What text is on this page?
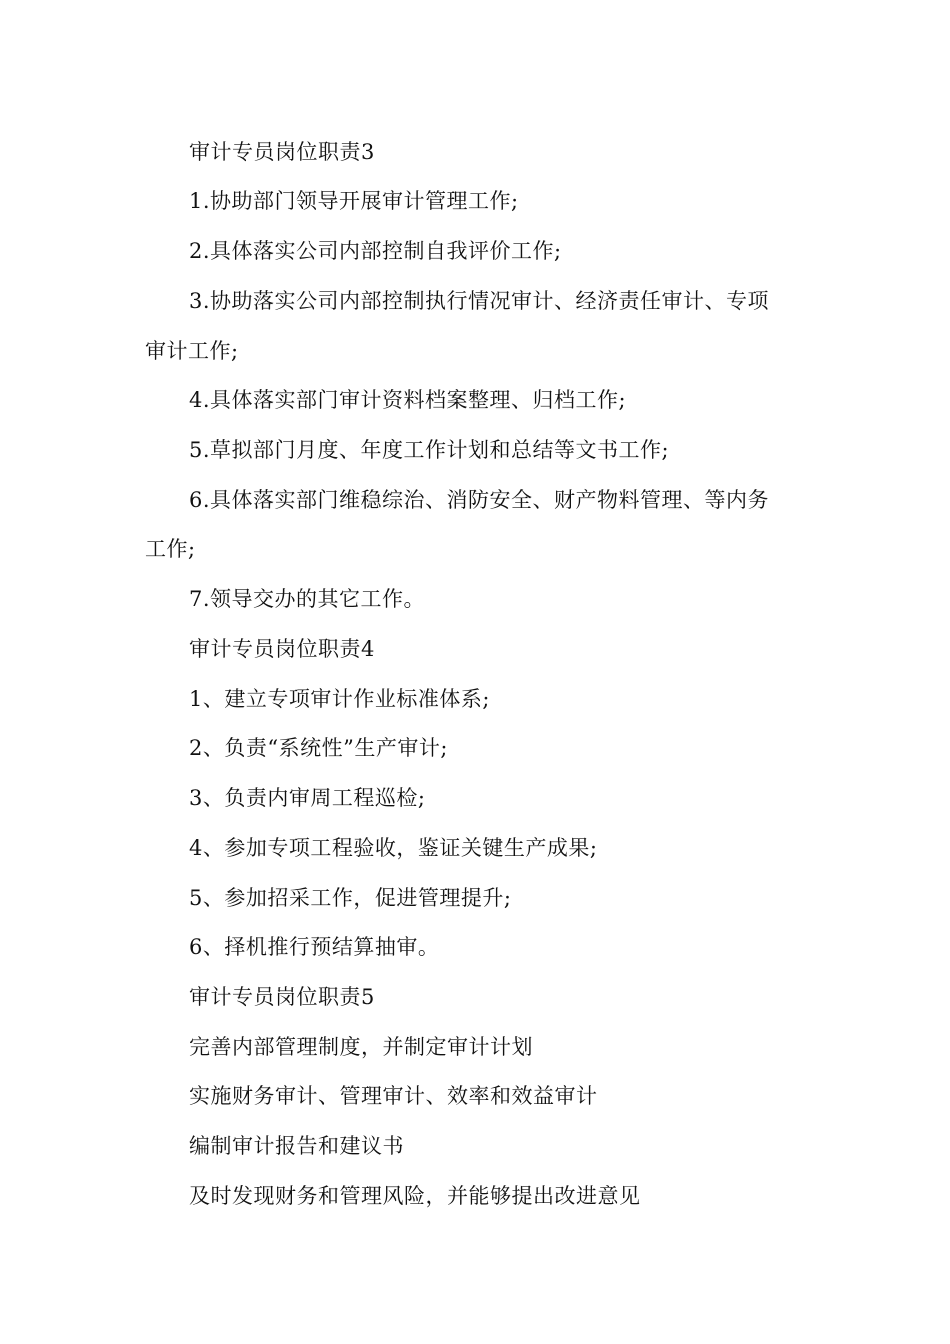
审计专员岗位职责3
1.协助部门领导开展审计管理工作;
2.具体落实公司内部控制自我评价工作;
3.协助落实公司内部控制执行情况审计、经济责任审计、专项
审计工作;
4.具体落实部门审计资料档案整理、归档工作;
5.草拟部门月度、年度工作计划和总结等文书工作;
6.具体落实部门维稳综治、消防安全、财产物料管理、等内务
工作;
7.领导交办的其它工作。
审计专员岗位职责4
1、建立专项审计作业标准体系;
2、负责“系统性”生产审计;
3、负责内审周工程巡检;
4、参加专项工程验收，鉴证关键生产成果;
5、参加招采工作，促进管理提升;
6、择机推行预结算抽审。
审计专员岗位职责5
完善内部管理制度，并制定审计计划
实施财务审计、管理审计、效率和效益审计
编制审计报告和建议书
及时发现财务和管理风险，并能够提出改进意见
